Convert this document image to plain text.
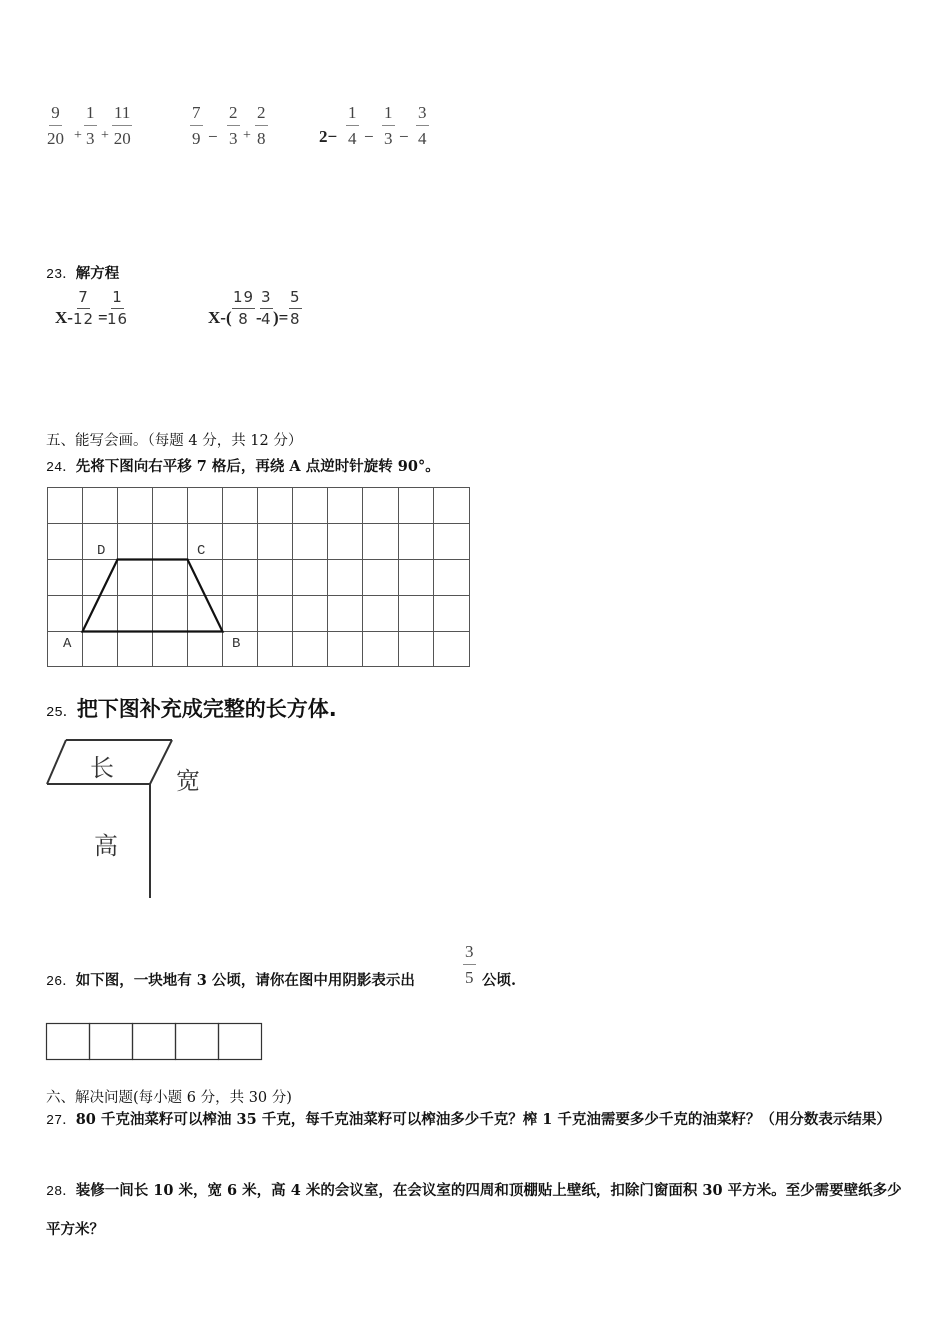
$\frac{9}{20} + \frac{1}{3} + \frac{11}{20}$	$\frac{7}{9} - \frac{2}{3} + \frac{2}{8}$	$2- \frac{1}{4} - \frac{1}{3} - \frac{3}{4}$
23．解方程
$X- \frac{7}{12} = \frac{1}{16}$	$X-( \frac{19}{8}$ -
$\frac{3}{4}$ )= $\frac{5}{8}$
五、能写会画。（每题 4 分，共 12 分）
24．先将下图向右平移 7 格后，再绕 A 点逆时针旋转 90°。
A	B
C
D
25．把下图补充成完整的长方体.
长	宽
高
26．如下图，一块地有 3 公顷，请你在图中用阴影表示出	$\frac{3}{5}$ 公顷.
六、解决问题(每小题 6 分，共 30 分)
27．80 千克油菜籽可以榨油 35 千克，每千克油菜籽可以榨油多少千克？榨 1 千克油需要多少千克的油菜籽？（用分数表示结果）
28．装修一间长 10 米，宽 6 米，高 4 米的会议室，在会议室的四周和顶棚贴上壁纸，扣除门窗面积 30 平方米。至少需要壁纸多少平方米？
